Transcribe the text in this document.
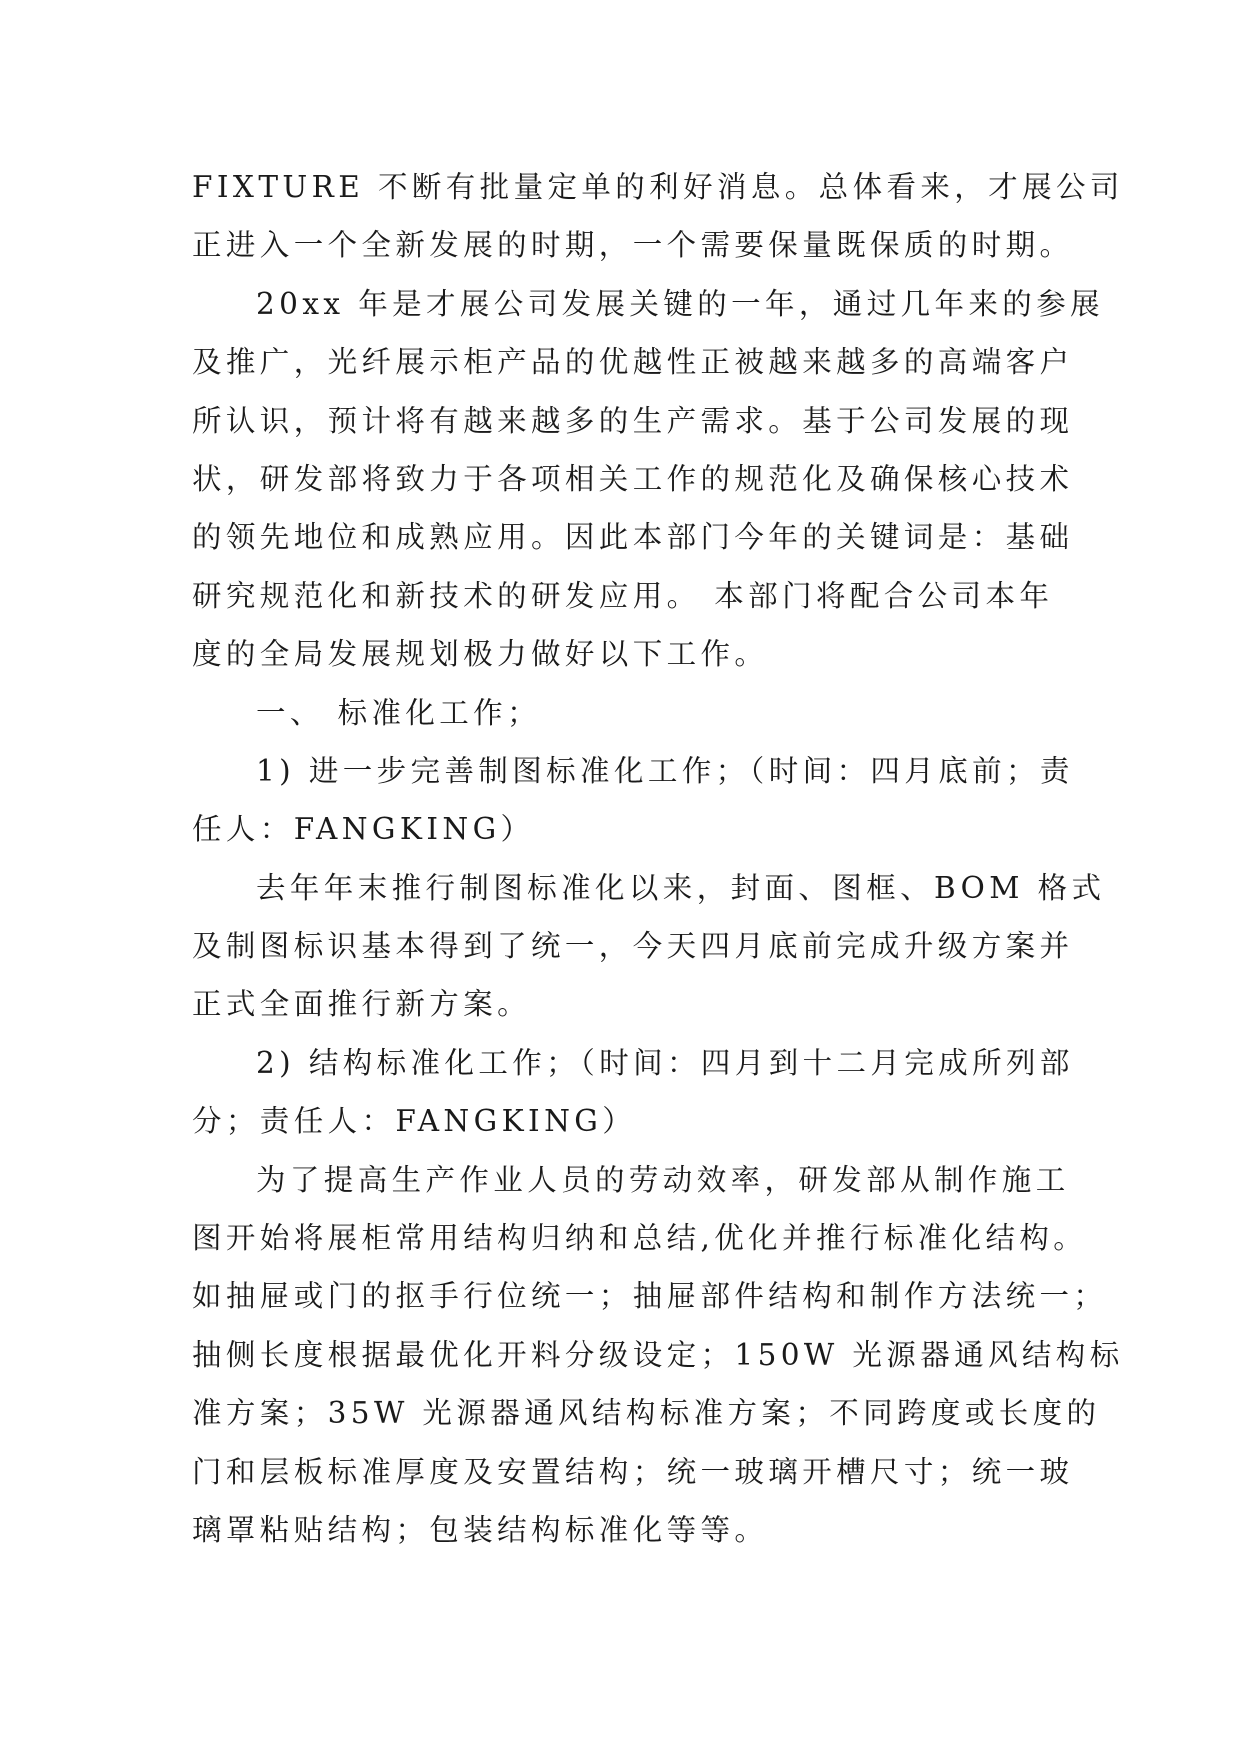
FIXTURE 不断有批量定单的利好消息。总体看来，才展公司
正进入一个全新发展的时期，一个需要保量既保质的时期。
20xx 年是才展公司发展关键的一年，通过几年来的参展
及推广，光纤展示柜产品的优越性正被越来越多的高端客户
所认识，预计将有越来越多的生产需求。基于公司发展的现
状，研发部将致力于各项相关工作的规范化及确保核心技术
的领先地位和成熟应用。因此本部门今年的关键词是：基础
研究规范化和新技术的研发应用。 本部门将配合公司本年
度的全局发展规划极力做好以下工作。
一、 标准化工作；
1) 进一步完善制图标准化工作；（时间：四月底前；责
任人：FANGKING）
去年年末推行制图标准化以来，封面、图框、BOM 格式
及制图标识基本得到了统一，今天四月底前完成升级方案并
正式全面推行新方案。
2) 结构标准化工作；（时间：四月到十二月完成所列部
分；责任人：FANGKING）
为了提高生产作业人员的劳动效率，研发部从制作施工
图开始将展柜常用结构归纳和总结,优化并推行标准化结构。
如抽屉或门的抠手行位统一；抽屉部件结构和制作方法统一；
抽侧长度根据最优化开料分级设定；150W 光源器通风结构标
准方案；35W 光源器通风结构标准方案；不同跨度或长度的
门和层板标准厚度及安置结构；统一玻璃开槽尺寸；统一玻
璃罩粘贴结构；包装结构标准化等等。
